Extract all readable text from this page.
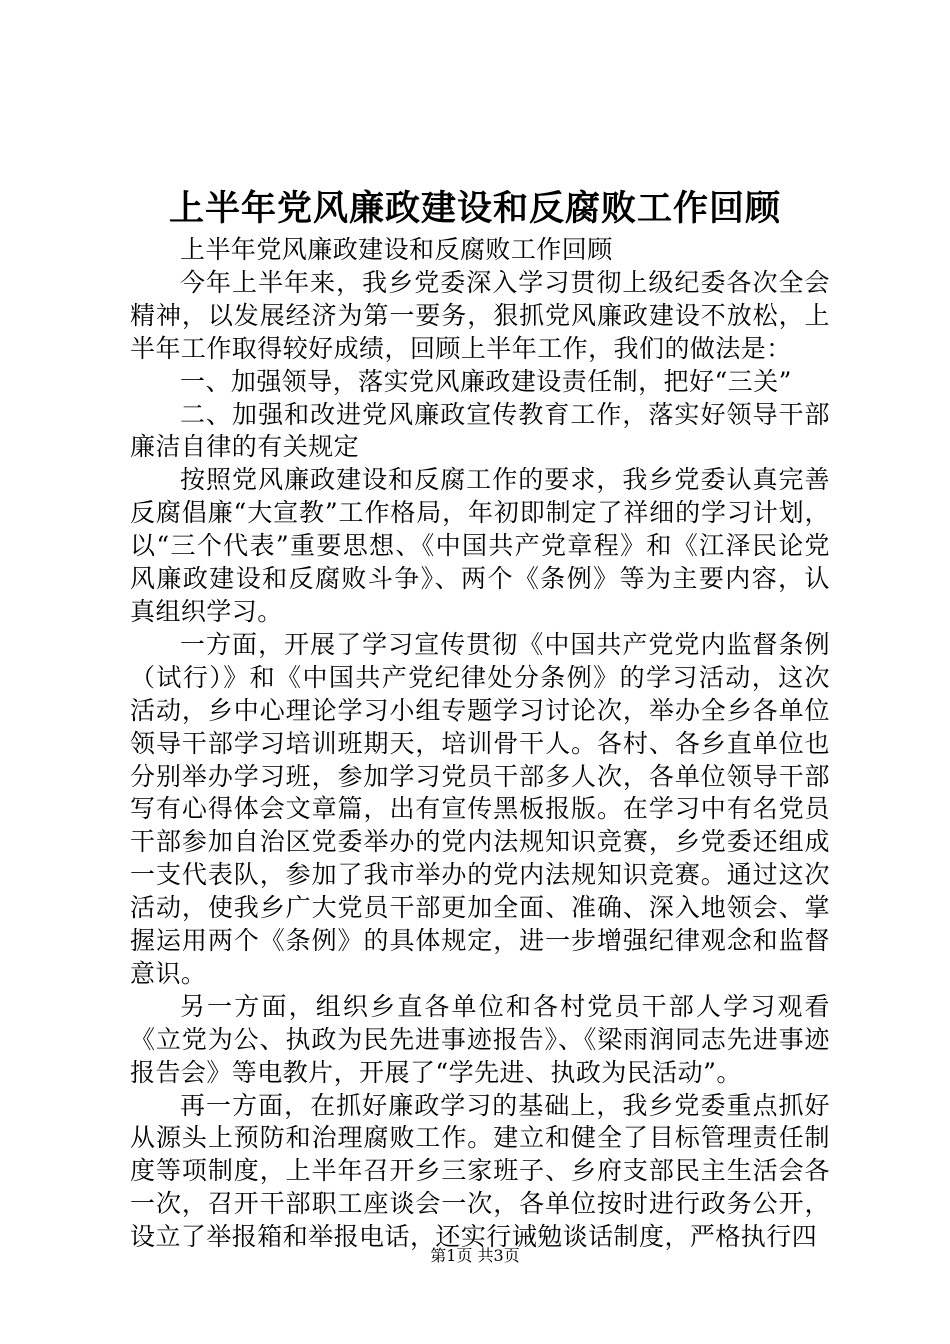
上半年党风廉政建设和反腐败工作回顾

上半年党风廉政建设和反腐败工作回顾

今年上半年来，我乡党委深入学习贯彻上级纪委各次全会精神，以发展经济为第一要务，狠抓党风廉政建设不放松，上半年工作取得较好成绩，回顾上半年工作，我们的做法是：

一、加强领导，落实党风廉政建设责任制，把好“三关”

二、加强和改进党风廉政宣传教育工作，落实好领导干部廉洁自律的有关规定

按照党风廉政建设和反腐工作的要求，我乡党委认真完善反腐倡廉“大宣教”工作格局，年初即制定了祥细的学习计划，以“三个代表”重要思想、《中国共产党章程》和《江泽民论党风廉政建设和反腐败斗争》、两个《条例》等为主要内容，认真组织学习。

一方面，开展了学习宣传贯彻《中国共产党党内监督条例（试行）》和《中国共产党纪律处分条例》的学习活动，这次活动，乡中心理论学习小组专题学习讨论次，举办全乡各单位领导干部学习培训班期天，培训骨干人。各村、各乡直单位也分别举办学习班，参加学习党员干部多人次，各单位领导干部写有心得体会文章篇，出有宣传黑板报版。在学习中有名党员干部参加自治区党委举办的党内法规知识竞赛，乡党委还组成一支代表队，参加了我市举办的党内法规知识竞赛。通过这次活动，使我乡广大党员干部更加全面、准确、深入地领会、掌握运用两个《条例》的具体规定，进一步增强纪律观念和监督意识。

另一方面，组织乡直各单位和各村党员干部人学习观看《立党为公、执政为民先进事迹报告》、《梁雨润同志先进事迹报告会》等电教片，开展了“学先进、执政为民活动”。

再一方面，在抓好廉政学习的基础上，我乡党委重点抓好从源头上预防和治理腐败工作。建立和健全了目标管理责任制度等项制度，上半年召开乡三家班子、乡府支部民主生活会各一次，召开干部职工座谈会一次，各单位按时进行政务公开，设立了举报箱和举报电话，还实行诫勉谈话制度，严格执行四

第1页 共3页
